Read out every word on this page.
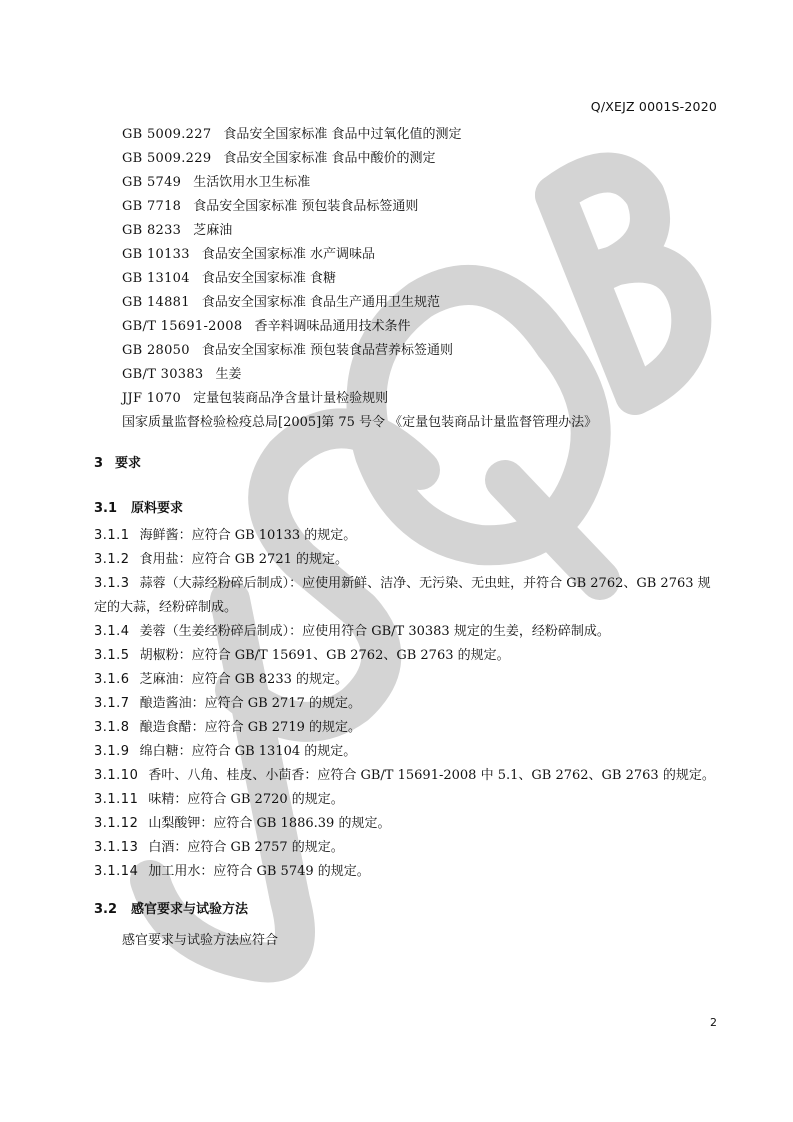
Q/XEJZ 0001S-2020
GB 5009.227 食品安全国家标准 食品中过氧化值的测定
GB 5009.229 食品安全国家标准 食品中酸价的测定
GB 5749 生活饮用水卫生标准
GB 7718 食品安全国家标准 预包装食品标签通则
GB 8233 芝麻油
GB 10133 食品安全国家标准 水产调味品
GB 13104 食品安全国家标准 食糖
GB 14881 食品安全国家标准 食品生产通用卫生规范
GB/T 15691-2008 香辛料调味品通用技术条件
GB 28050 食品安全国家标准 预包装食品营养标签通则
GB/T 30383 生姜
JJF 1070 定量包装商品净含量计量检验规则
国家质量监督检验检疫总局[2005]第 75 号令 《定量包装商品计量监督管理办法》
3 要求
3.1 原料要求
3.1.1 海鲜酱：应符合 GB 10133 的规定。
3.1.2 食用盐：应符合 GB 2721 的规定。
3.1.3 蒜蓉（大蒜经粉碎后制成）：应使用新鲜、洁净、无污染、无虫蛀，并符合 GB 2762、GB 2763 规定的大蒜，经粉碎制成。
3.1.4 姜蓉（生姜经粉碎后制成）：应使用符合 GB/T 30383 规定的生姜，经粉碎制成。
3.1.5 胡椒粉：应符合 GB/T 15691、GB 2762、GB 2763 的规定。
3.1.6 芝麻油：应符合 GB 8233 的规定。
3.1.7 酿造酱油：应符合 GB 2717 的规定。
3.1.8 酿造食醋：应符合 GB 2719 的规定。
3.1.9 绵白糖：应符合 GB 13104 的规定。
3.1.10 香叶、八角、桂皮、小茴香：应符合 GB/T 15691-2008 中 5.1、GB 2762、GB 2763 的规定。
3.1.11 味精：应符合 GB 2720 的规定。
3.1.12 山梨酸钾：应符合 GB 1886.39 的规定。
3.1.13 白酒：应符合 GB 2757 的规定。
3.1.14 加工用水：应符合 GB 5749 的规定。
3.2 感官要求与试验方法
感官要求与试验方法应符合
2
